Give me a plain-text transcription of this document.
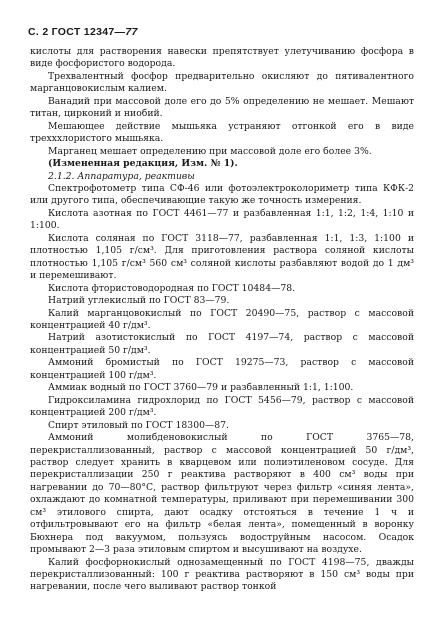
С. 2 ГОСТ 12347—77

кислоты для растворения навески препятствует улетучиванию фосфора в виде фосфористого водорода.

Трехвалентный фосфор предварительно окисляют до пятивалентного марганцовокислым калием.

Ванадий при массовой доле его до 5% определению не мешает. Мешают титан, цирконий и ниобий.

Мешающее действие мышьяка устраняют отгонкой его в виде трехххлористого мышьяка.

Марганец мешает определению при массовой доле его более 3%.

(Измененная редакция, Изм. № 1).

2.1.2. Аппаратура, реактивы

Спектрофотометр типа СФ-46 или фотоэлектроколориметр типа КФК-2 или другого типа, обеспечивающие такую же точность измерения.

Кислота азотная по ГОСТ 4461—77 и разбавленная 1:1, 1:2, 1:4, 1:10 и 1:100.

Кислота соляная по ГОСТ 3118—77, разбавленная 1:1, 1:3, 1:100 и плотностью 1,105 г/см³. Для приготовления раствора соляной кислоты плотностью 1,105 г/см³ 560 см³ соляной кислоты разбавляют водой до 1 дм³ и перемешивают.

Кислота фтористоводородная по ГОСТ 10484—78.

Натрий углекислый по ГОСТ 83—79.

Калий марганцовокислый по ГОСТ 20490—75, раствор с массовой концентрацией 40 г/дм³.

Натрий азотистокислый по ГОСТ 4197—74, раствор с массовой концентрацией 50 г/дм³.

Аммоний бромистый по ГОСТ 19275—73, раствор с массовой концентрацией 100 г/дм³.

Аммиак водный по ГОСТ 3760—79 и разбавленный 1:1, 1:100.

Гидроксиламина гидрохлорид по ГОСТ 5456—79, раствор с массовой концентрацией 200 г/дм³.

Спирт этиловый по ГОСТ 18300—87.

Аммоний молибденовокислый по ГОСТ 3765—78, перекристаллизованный, раствор с массовой концентрацией 50 г/дм³, раствор следует хранить в кварцевом или полиэтиленовом сосуде. Для перекристаллизации 250 г реактива растворяют в 400 см³ воды при нагревании до 70—80°С, раствор фильтруют через фильтр «синяя лента», охлаждают до комнатной температуры, приливают при перемешивании 300 см³ этилового спирта, дают осадку отстояться в течение 1 ч и отфильтровывают его на фильтр «белая лента», помещенный в воронку Бюхнера под вакуумом, пользуясь водоструйным насосом. Осадок промывают 2—3 раза этиловым спиртом и высушивают на воздухе.

Калий фосфорнокислый однозамещенный по ГОСТ 4198—75, дважды перекристаллизованный: 100 г реактива растворяют в 150 см³ воды при нагревании, после чего выливают раствор тонкой
